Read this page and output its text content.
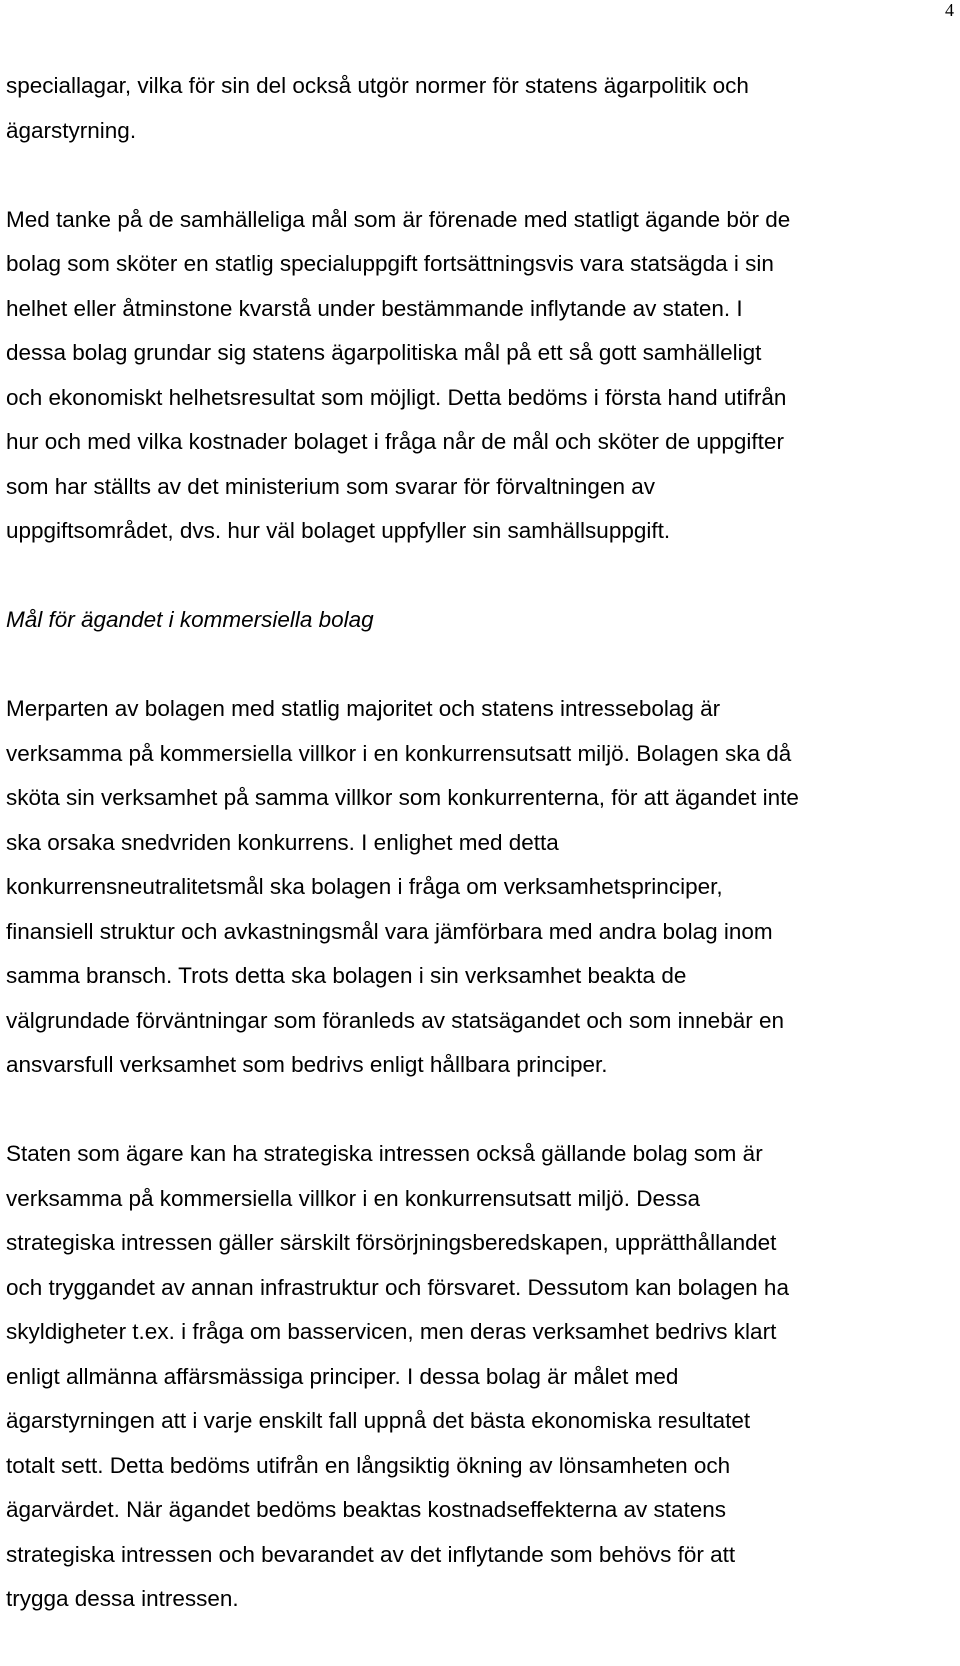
4

speciallagar, vilka för sin del också utgör normer för statens ägarpolitik och
ägarstyrning.

Med tanke på de samhälleliga mål som är förenade med statligt ägande bör de
bolag som sköter en statlig specialuppgift fortsättningsvis vara statsägda i sin
helhet eller åtminstone kvarstå under bestämmande inflytande av staten. I
dessa bolag grundar sig statens ägarpolitiska mål på ett så gott samhälleligt
och ekonomiskt helhetsresultat som möjligt. Detta bedöms i första hand utifrån
hur och med vilka kostnader bolaget i fråga når de mål och sköter de uppgifter
som har ställts av det ministerium som svarar för förvaltningen av
uppgiftsområdet, dvs. hur väl bolaget uppfyller sin samhällsuppgift.

Mål för ägandet i kommersiella bolag

Merparten av bolagen med statlig majoritet och statens intressebolag är
verksamma på kommersiella villkor i en konkurrensutsatt miljö. Bolagen ska då
sköta sin verksamhet på samma villkor som konkurrenterna, för att ägandet inte
ska orsaka snedvriden konkurrens. I enlighet med detta
konkurrensneutralitetsmål ska bolagen i fråga om verksamhetsprinciper,
finansiell struktur och avkastningsmål vara jämförbara med andra bolag inom
samma bransch. Trots detta ska bolagen i sin verksamhet beakta de
välgrundade förväntningar som föranleds av statsägandet och som innebär en
ansvarsfull verksamhet som bedrivs enligt hållbara principer.

Staten som ägare kan ha strategiska intressen också gällande bolag som är
verksamma på kommersiella villkor i en konkurrensutsatt miljö. Dessa
strategiska intressen gäller särskilt försörjningsberedskapen, upprätthållandet
och tryggandet av annan infrastruktur och försvaret. Dessutom kan bolagen ha
skyldigheter t.ex. i fråga om basservicen, men deras verksamhet bedrivs klart
enligt allmänna affärsmässiga principer. I dessa bolag är målet med
ägarstyrningen att i varje enskilt fall uppnå det bästa ekonomiska resultatet
totalt sett. Detta bedöms utifrån en långsiktig ökning av lönsamheten och
ägarvärdet. När ägandet bedöms beaktas kostnadseffekterna av statens
strategiska intressen och bevarandet av det inflytande som behövs för att
trygga dessa intressen.
